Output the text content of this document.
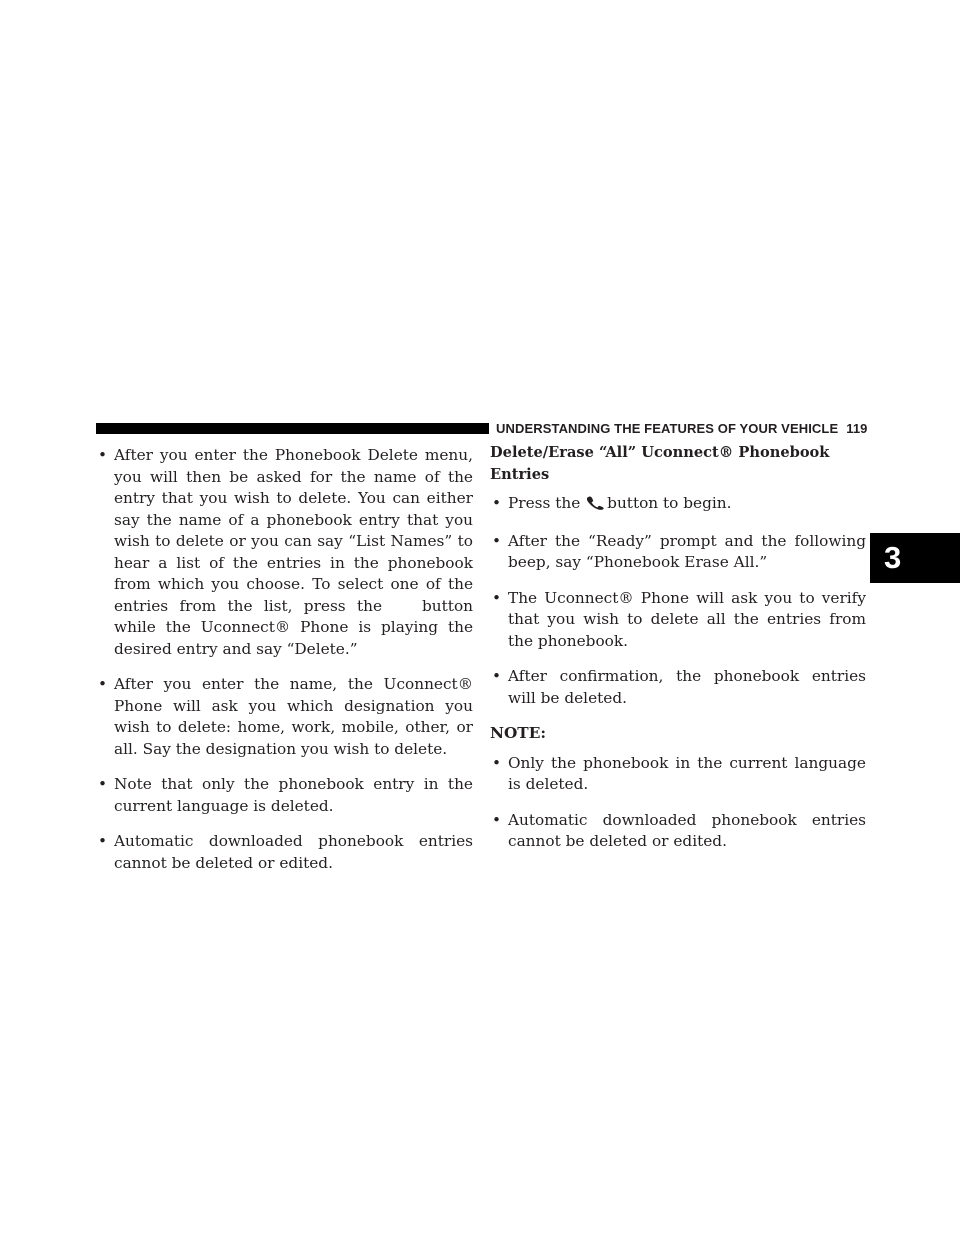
UNDERSTANDING THE FEATURES OF YOUR VEHICLE 119
3

• After you enter the Phonebook Delete menu, you will then be asked for the name of the entry that you wish to delete. You can either say the name of a phonebook entry that you wish to delete or you can say “List Names” to hear a list of the entries in the phonebook from which you choose. To select one of the entries from the list, press the	button while the Uconnect® Phone is playing the desired entry and say “Delete.”

• After you enter the name, the Uconnect® Phone will ask you which designation you wish to delete: home, work, mobile, other, or all. Say the designation you wish to delete.

• Note that only the phonebook entry in the current language is deleted.

• Automatic downloaded phonebook entries cannot be deleted or edited.

Delete/Erase “All” Uconnect® Phonebook Entries

• Press the button to begin.

• After the “Ready” prompt and the following beep, say “Phonebook Erase All.”

• The Uconnect® Phone will ask you to verify that you wish to delete all the entries from the phonebook.

• After confirmation, the phonebook entries will be deleted.

NOTE:

• Only the phonebook in the current language is deleted.

• Automatic downloaded phonebook entries cannot be deleted or edited.
